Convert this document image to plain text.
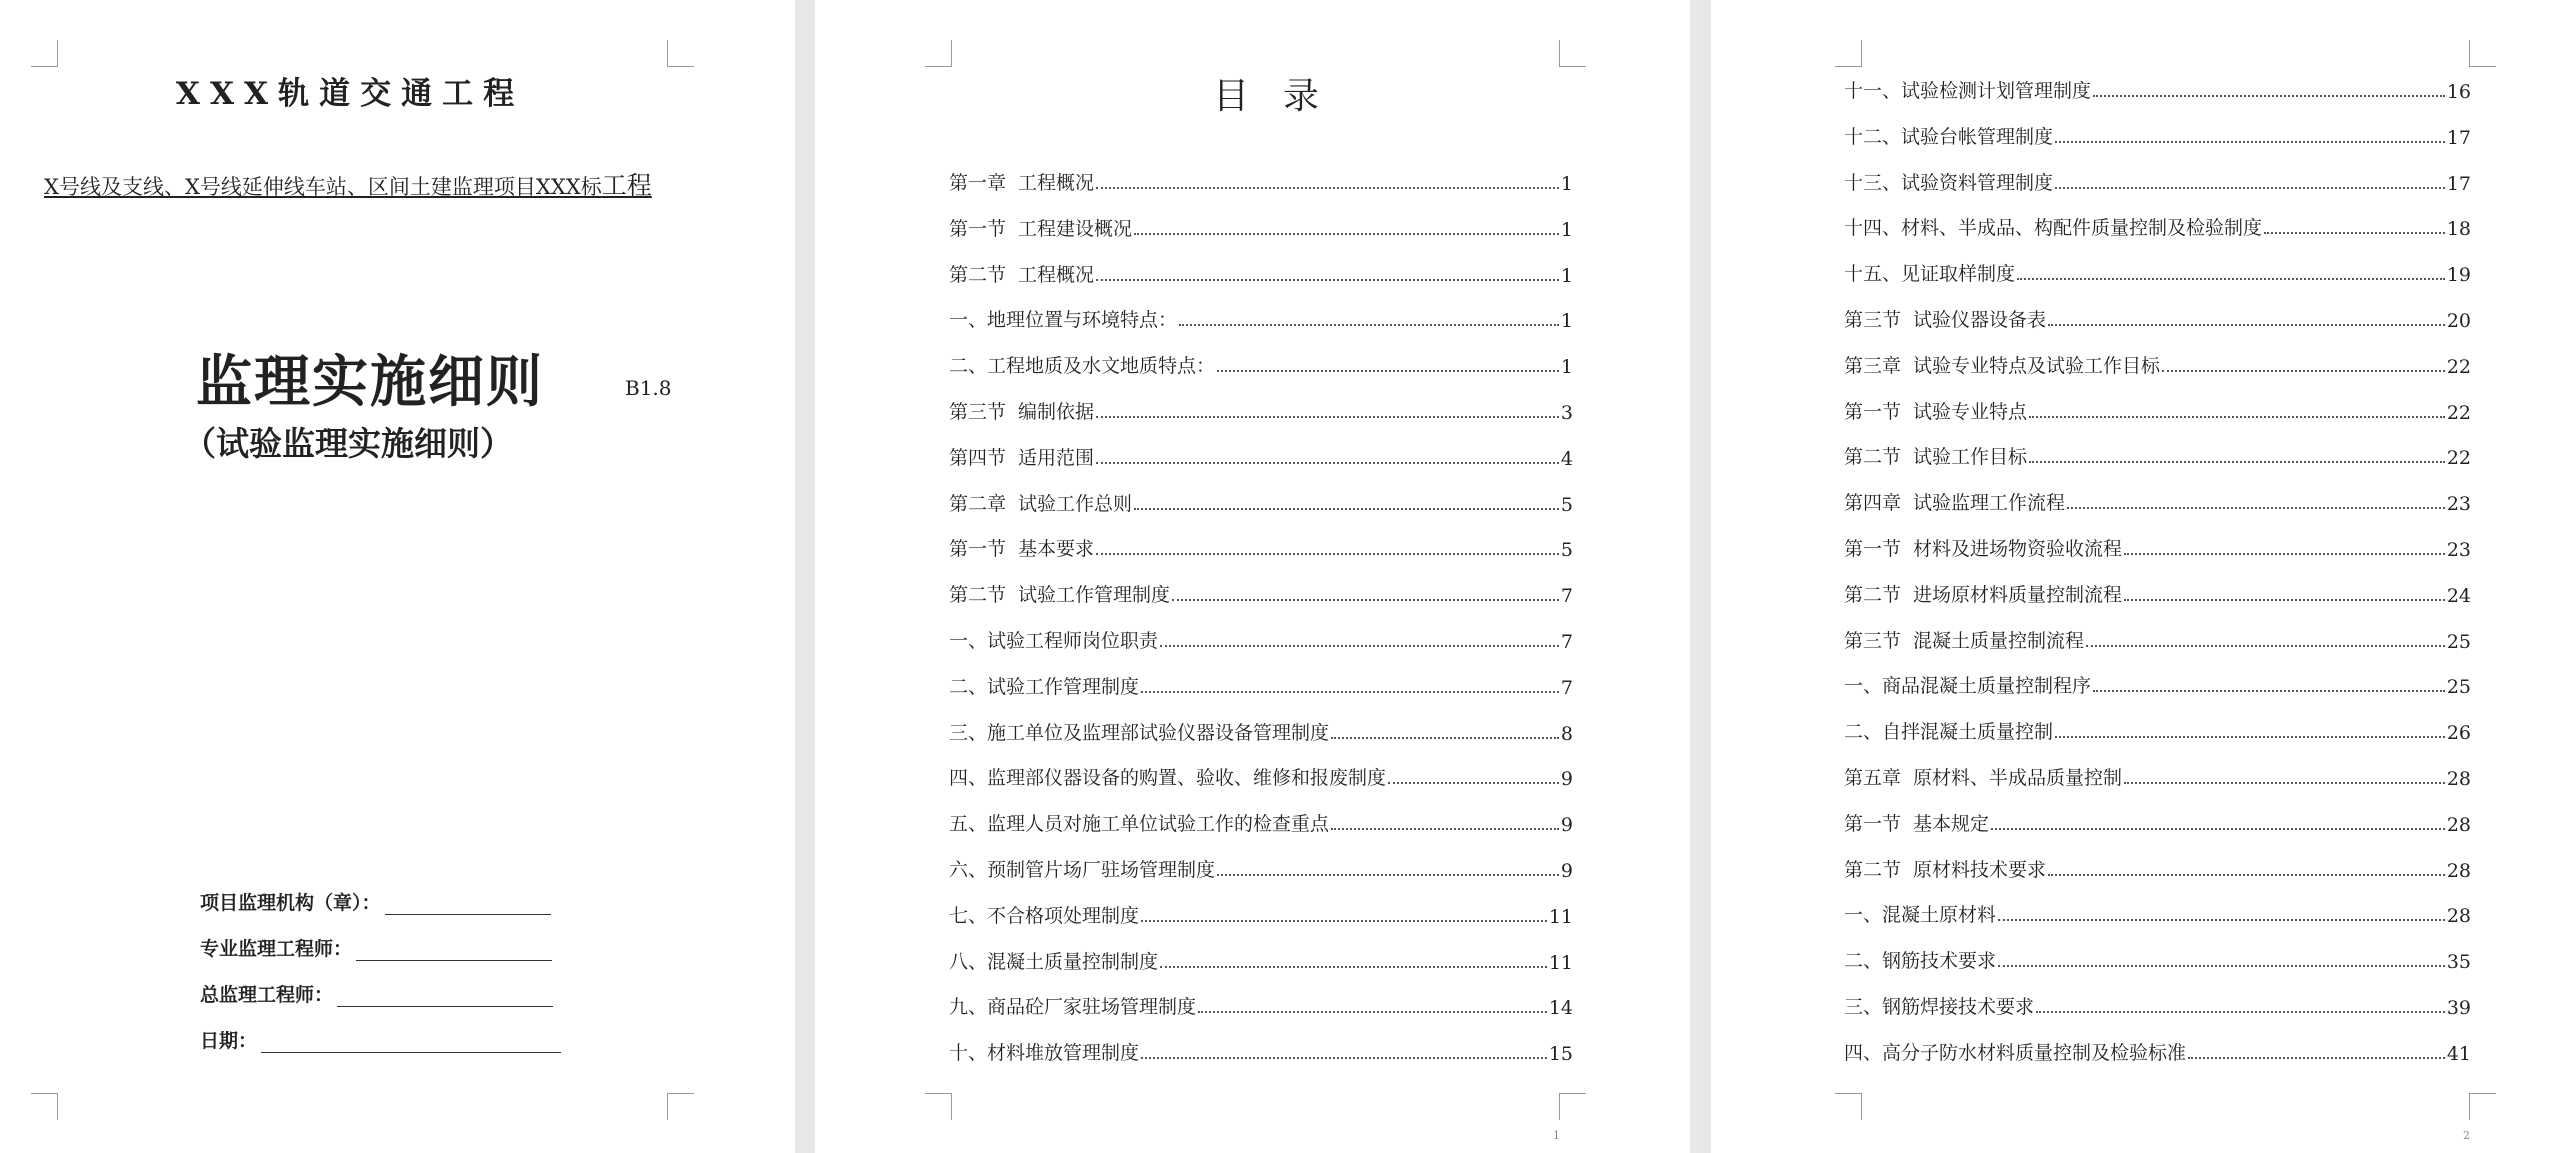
XXX轨道交通工程
X号线及支线、X号线延伸线车站、区间土建监理项目XXX标工程
监理实施细则	B1.8
（试验监理实施细则）
项目监理机构（章）：
专业监理工程师：
总监理工程师：
日期：
目录
第一章 工程概况	1
第一节 工程建设概况	1
第二节 工程概况	1
一、地理位置与环境特点：	1
二、工程地质及水文地质特点：	1
第三节 编制依据	3
第四节 适用范围	4
第二章 试验工作总则	5
第一节 基本要求	5
第二节 试验工作管理制度	7
一、试验工程师岗位职责	7
二、试验工作管理制度	7
三、施工单位及监理部试验仪器设备管理制度	8
四、监理部仪器设备的购置、验收、维修和报废制度	9
五、监理人员对施工单位试验工作的检查重点	9
六、预制管片场厂驻场管理制度	9
七、不合格项处理制度	11
八、混凝土质量控制制度	11
九、商品砼厂家驻场管理制度	14
十、材料堆放管理制度	15
1
十一、试验检测计划管理制度	16
十二、试验台帐管理制度	17
十三、试验资料管理制度	17
十四、材料、半成品、构配件质量控制及检验制度	18
十五、见证取样制度	19
第三节 试验仪器设备表	20
第三章 试验专业特点及试验工作目标	22
第一节 试验专业特点	22
第二节 试验工作目标	22
第四章 试验监理工作流程	23
第一节 材料及进场物资验收流程	23
第二节 进场原材料质量控制流程	24
第三节 混凝土质量控制流程	25
一、商品混凝土质量控制程序	25
二、自拌混凝土质量控制	26
第五章 原材料、半成品质量控制	28
第一节 基本规定	28
第二节 原材料技术要求	28
一、混凝土原材料	28
二、钢筋技术要求	35
三、钢筋焊接技术要求	39
四、高分子防水材料质量控制及检验标准	41
2
